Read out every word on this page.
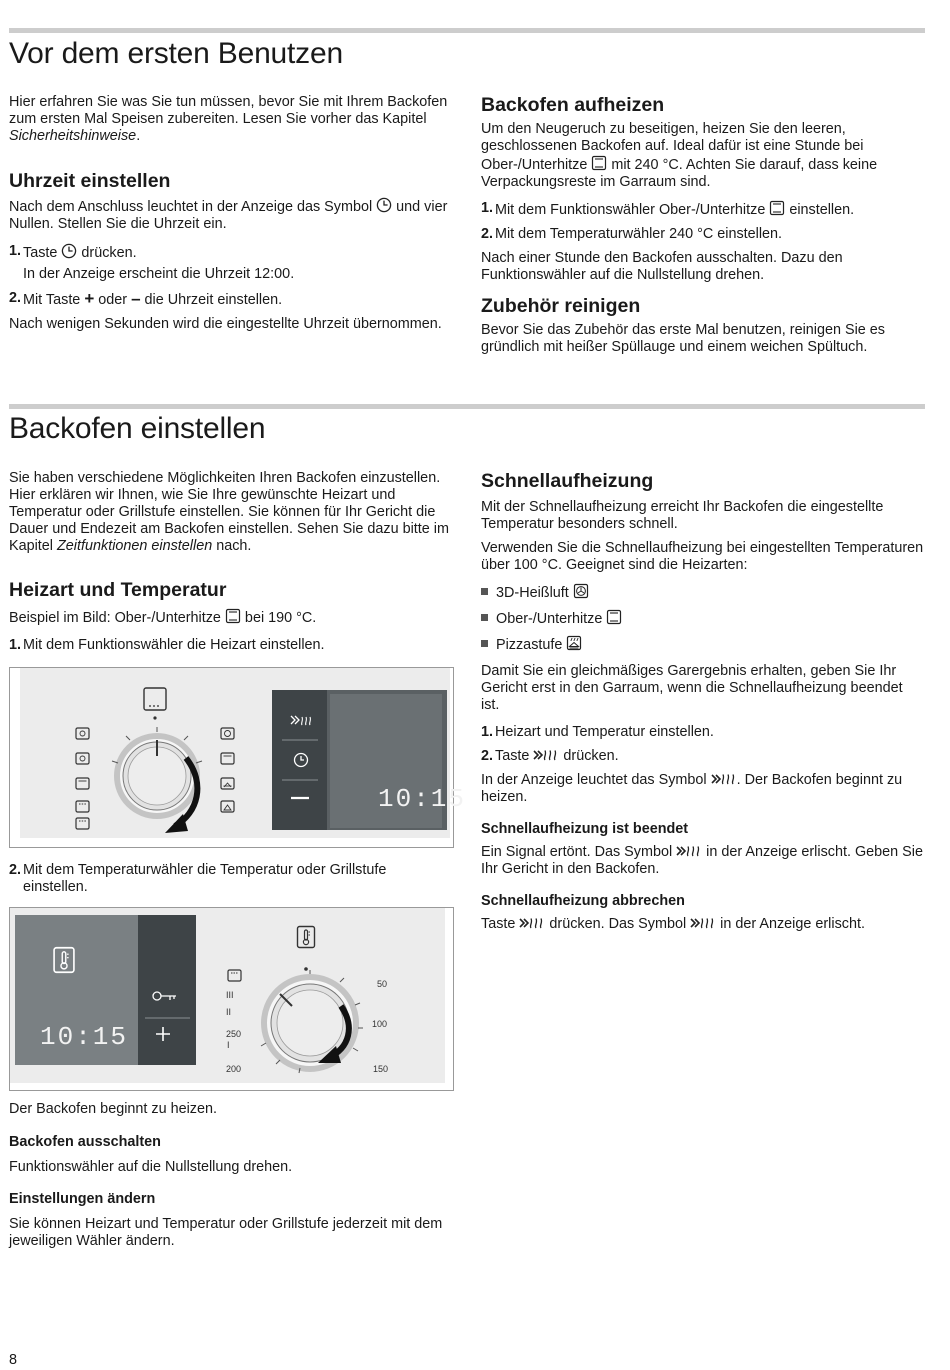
Vor dem ersten Benutzen

Hier erfahren Sie was Sie tun müssen, bevor Sie mit Ihrem Backofen zum ersten Mal Speisen zubereiten. Lesen Sie vorher das Kapitel Sicherheitshinweise.

Uhrzeit einstellen

Nach dem Anschluss leuchtet in der Anzeige das Symbol
und vier Nullen. Stellen Sie die Uhrzeit ein.

1. Taste
drücken.
In der Anzeige erscheint die Uhrzeit 12:00.
2. Mit Taste + oder – die Uhrzeit einstellen.

Nach wenigen Sekunden wird die eingestellte Uhrzeit übernommen.

Backofen aufheizen

Um den Neugeruch zu beseitigen, heizen Sie den leeren, geschlossenen Backofen auf. Ideal dafür ist eine Stunde bei Ober-/Unterhitze
mit 240 °C. Achten Sie darauf, dass keine Verpackungsreste im Garraum sind.

1. Mit dem Funktionswähler Ober-/Unterhitze
einstellen.
2. Mit dem Temperaturwähler 240 °C einstellen.

Nach einer Stunde den Backofen ausschalten. Dazu den Funktionswähler auf die Nullstellung drehen.

Zubehör reinigen

Bevor Sie das Zubehör das erste Mal benutzen, reinigen Sie es gründlich mit heißer Spüllauge und einem weichen Spültuch.

Backofen einstellen

Sie haben verschiedene Möglichkeiten Ihren Backofen einzustellen. Hier erklären wir Ihnen, wie Sie Ihre gewünschte Heizart und Temperatur oder Grillstufe einstellen. Sie können für Ihr Gericht die Dauer und Endezeit am Backofen einstellen. Sehen Sie dazu bitte im Kapitel Zeitfunktionen einstellen nach.

Heizart und Temperatur

Beispiel im Bild: Ober-/Unterhitze
bei 190 °C.

1. Mit dem Funktionswähler die Heizart einstellen.
10:15
2. Mit dem Temperaturwähler die Temperatur oder Grillstufe einstellen.
10:15
III
II
250
I
200	150
100
50

Der Backofen beginnt zu heizen.

Backofen ausschalten

Funktionswähler auf die Nullstellung drehen.

Einstellungen ändern

Sie können Heizart und Temperatur oder Grillstufe jederzeit mit dem jeweiligen Wähler ändern.

Schnellaufheizung

Mit der Schnellaufheizung erreicht Ihr Backofen die eingestellte Temperatur besonders schnell.

Verwenden Sie die Schnellaufheizung bei eingestellten Temperaturen über 100 °C. Geeignet sind die Heizarten:

3D-Heißluft
Ober-/Unterhitze
Pizzastufe

Damit Sie ein gleichmäßiges Garergebnis erhalten, geben Sie Ihr Gericht erst in den Garraum, wenn die Schnellaufheizung beendet ist.

1. Heizart und Temperatur einstellen.
2. Taste
drücken.

In der Anzeige leuchtet das Symbol
. Der Backofen beginnt zu heizen.

Schnellaufheizung ist beendet

Ein Signal ertönt. Das Symbol
in der Anzeige erlischt. Geben Sie Ihr Gericht in den Backofen.

Schnellaufheizung abbrechen

Taste
drücken. Das Symbol
in der Anzeige erlischt.

8
